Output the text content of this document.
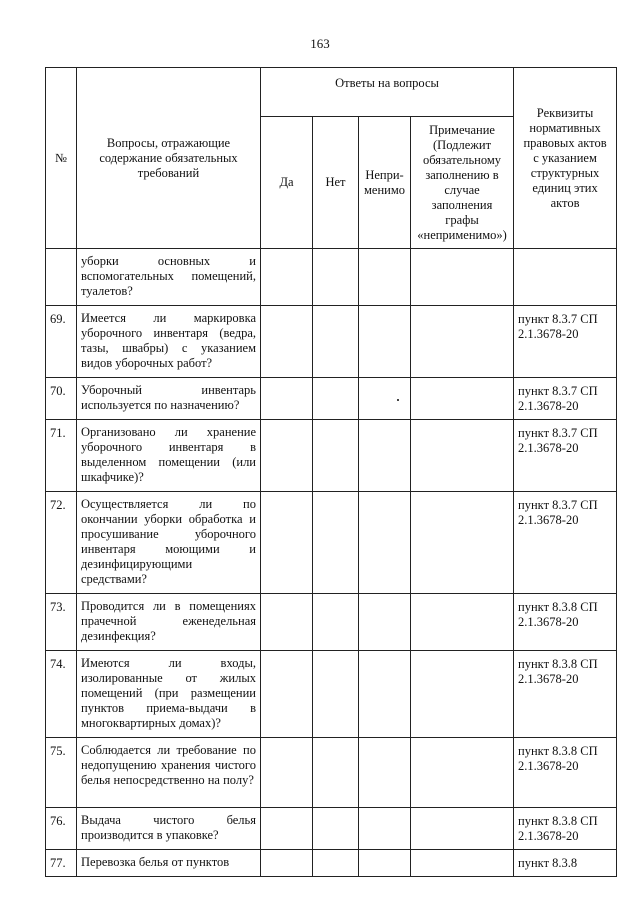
163
№	Вопросы, отражающие содержание обязательных требований	Ответы на вопросы				Реквизиты нормативных правовых актов с указанием структурных единиц этих актов
		Да	Нет	Непри-менимо	Примечание (Подлежит обязательному заполнению в случае заполнения графы «неприменимо»)	
	уборки основных и вспомогательных помещений, туалетов?					
69.	Имеется ли маркировка уборочного инвентаря (ведра, тазы, швабры) с указанием видов уборочных работ?					пункт 8.3.7 СП 2.1.3678-20
70.	Уборочный инвентарь используется по назначению?					пункт 8.3.7 СП 2.1.3678-20
71.	Организовано ли хранение уборочного инвентаря в выделенном помещении (или шкафчике)?					пункт 8.3.7 СП 2.1.3678-20
72.	Осуществляется ли по окончании уборки обработка и просушивание уборочного инвентаря моющими и дезинфицирующими средствами?					пункт 8.3.7 СП 2.1.3678-20
73.	Проводится ли в помещениях прачечной еженедельная дезинфекция?					пункт 8.3.8 СП 2.1.3678-20
74.	Имеются ли входы, изолированные от жилых помещений (при размещении пунктов приема-выдачи в многоквартирных домах)?					пункт 8.3.8 СП 2.1.3678-20
75.	Соблюдается ли требование по недопущению хранения чистого белья непосредственно на полу?					пункт 8.3.8 СП 2.1.3678-20
76.	Выдача чистого белья производится в упаковке?					пункт 8.3.8 СП 2.1.3678-20
77.	Перевозка белья от пунктов					пункт 8.3.8
